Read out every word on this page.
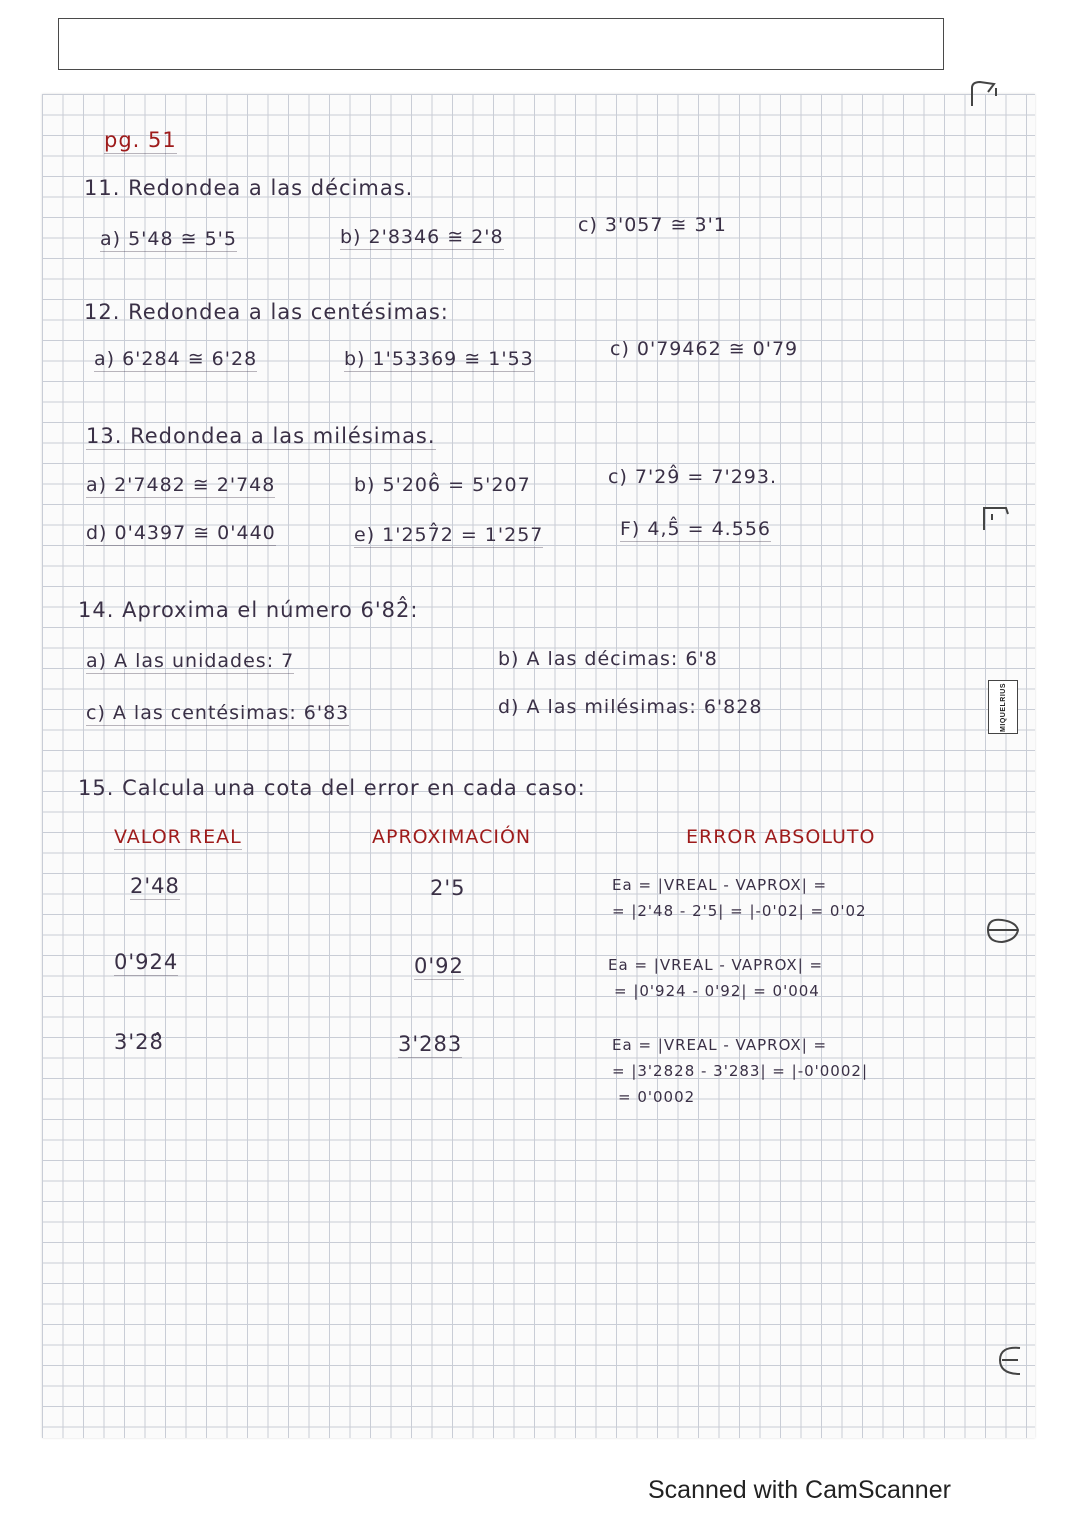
pg. 51
11. Redondea a las décimas.
a) 5'48 ≅ 5'5	b) 2'8346 ≅ 2'8
c) 3'057 ≅ 3'1
12. Redondea a las centésimas:
a) 6'284 ≅ 6'28	b) 1'53369 ≅ 1'53	c) 0'79462 ≅ 0'79
13. Redondea a las milésimas.
a) 2'7482 ≅ 2'748	b) 5'206̂ = 5'207	c) 7'29̂ = 7'293.
d) 0'4397 ≅ 0'440	e) 1'257̂2 = 1'257	F) 4,5̂ = 4.556
14. Aproxima el número 6'82̂:
a) A las unidades: 7	b) A las décimas: 6'8
c) A las centésimas: 6'83	d) A las milésimas: 6'828
15. Calcula una cota del error en cada caso:
VALOR REAL	APROXIMACIÓN	ERROR ABSOLUTO
2'48	2'5	Ea = |VREAL - VAPROX| =
= |2'48 - 2'5| = |-0'02| = 0'02
0'924	0'92	Ea = |VREAL - VAPROX| =
= |0'924 - 0'92| = 0'004
3'28̂	3'283	Ea = |VREAL - VAPROX| =
= |3'2828 - 3'283| = |-0'0002|
= 0'0002
MIQUELRIUS
Scanned with CamScanner
